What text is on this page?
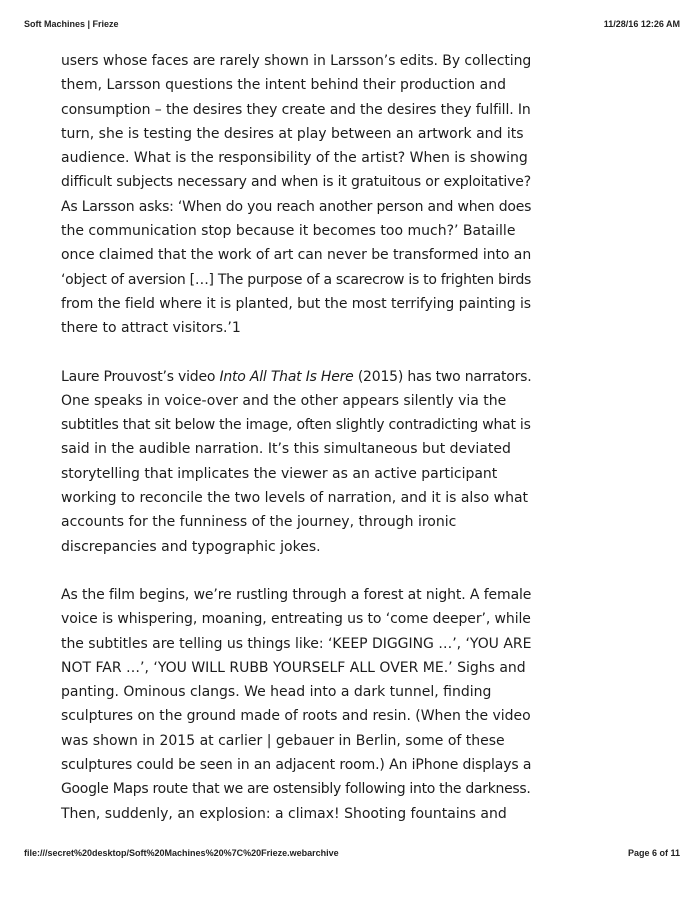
Soft Machines | Frieze	11/28/16 12:26 AM

users whose faces are rarely shown in Larsson’s edits. By collecting
them, Larsson questions the intent behind their production and
consumption – the desires they create and the desires they fulfill. In
turn, she is testing the desires at play between an artwork and its
audience. What is the responsibility of the artist? When is showing
difficult subjects necessary and when is it gratuitous or exploitative?
As Larsson asks: ‘When do you reach another person and when does
the communication stop because it becomes too much?’ Bataille
once claimed that the work of art can never be transformed into an
‘object of aversion […] The purpose of a scarecrow is to frighten birds
from the field where it is planted, but the most terrifying painting is
there to attract visitors.’1

Laure Prouvost’s video Into All That Is Here (2015) has two narrators.
One speaks in voice-over and the other appears silently via the
subtitles that sit below the image, often slightly contradicting what is
said in the audible narration. It’s this simultaneous but deviated
storytelling that implicates the viewer as an active participant
working to reconcile the two levels of narration, and it is also what
accounts for the funniness of the journey, through ironic
discrepancies and typographic jokes.

As the film begins, we’re rustling through a forest at night. A female
voice is whispering, moaning, entreating us to ‘come deeper’, while
the subtitles are telling us things like: ‘KEEP DIGGING …’, ‘YOU ARE
NOT FAR …’, ‘YOU WILL RUBB YOURSELF ALL OVER ME.’ Sighs and
panting. Ominous clangs. We head into a dark tunnel, finding
sculptures on the ground made of roots and resin. (When the video
was shown in 2015 at carlier | gebauer in Berlin, some of these
sculptures could be seen in an adjacent room.) An iPhone displays a
Google Maps route that we are ostensibly following into the darkness.
Then, suddenly, an explosion: a climax! Shooting fountains and

file:///secret%20desktop/Soft%20Machines%20%7C%20Frieze.webarchive	Page 6 of 11
